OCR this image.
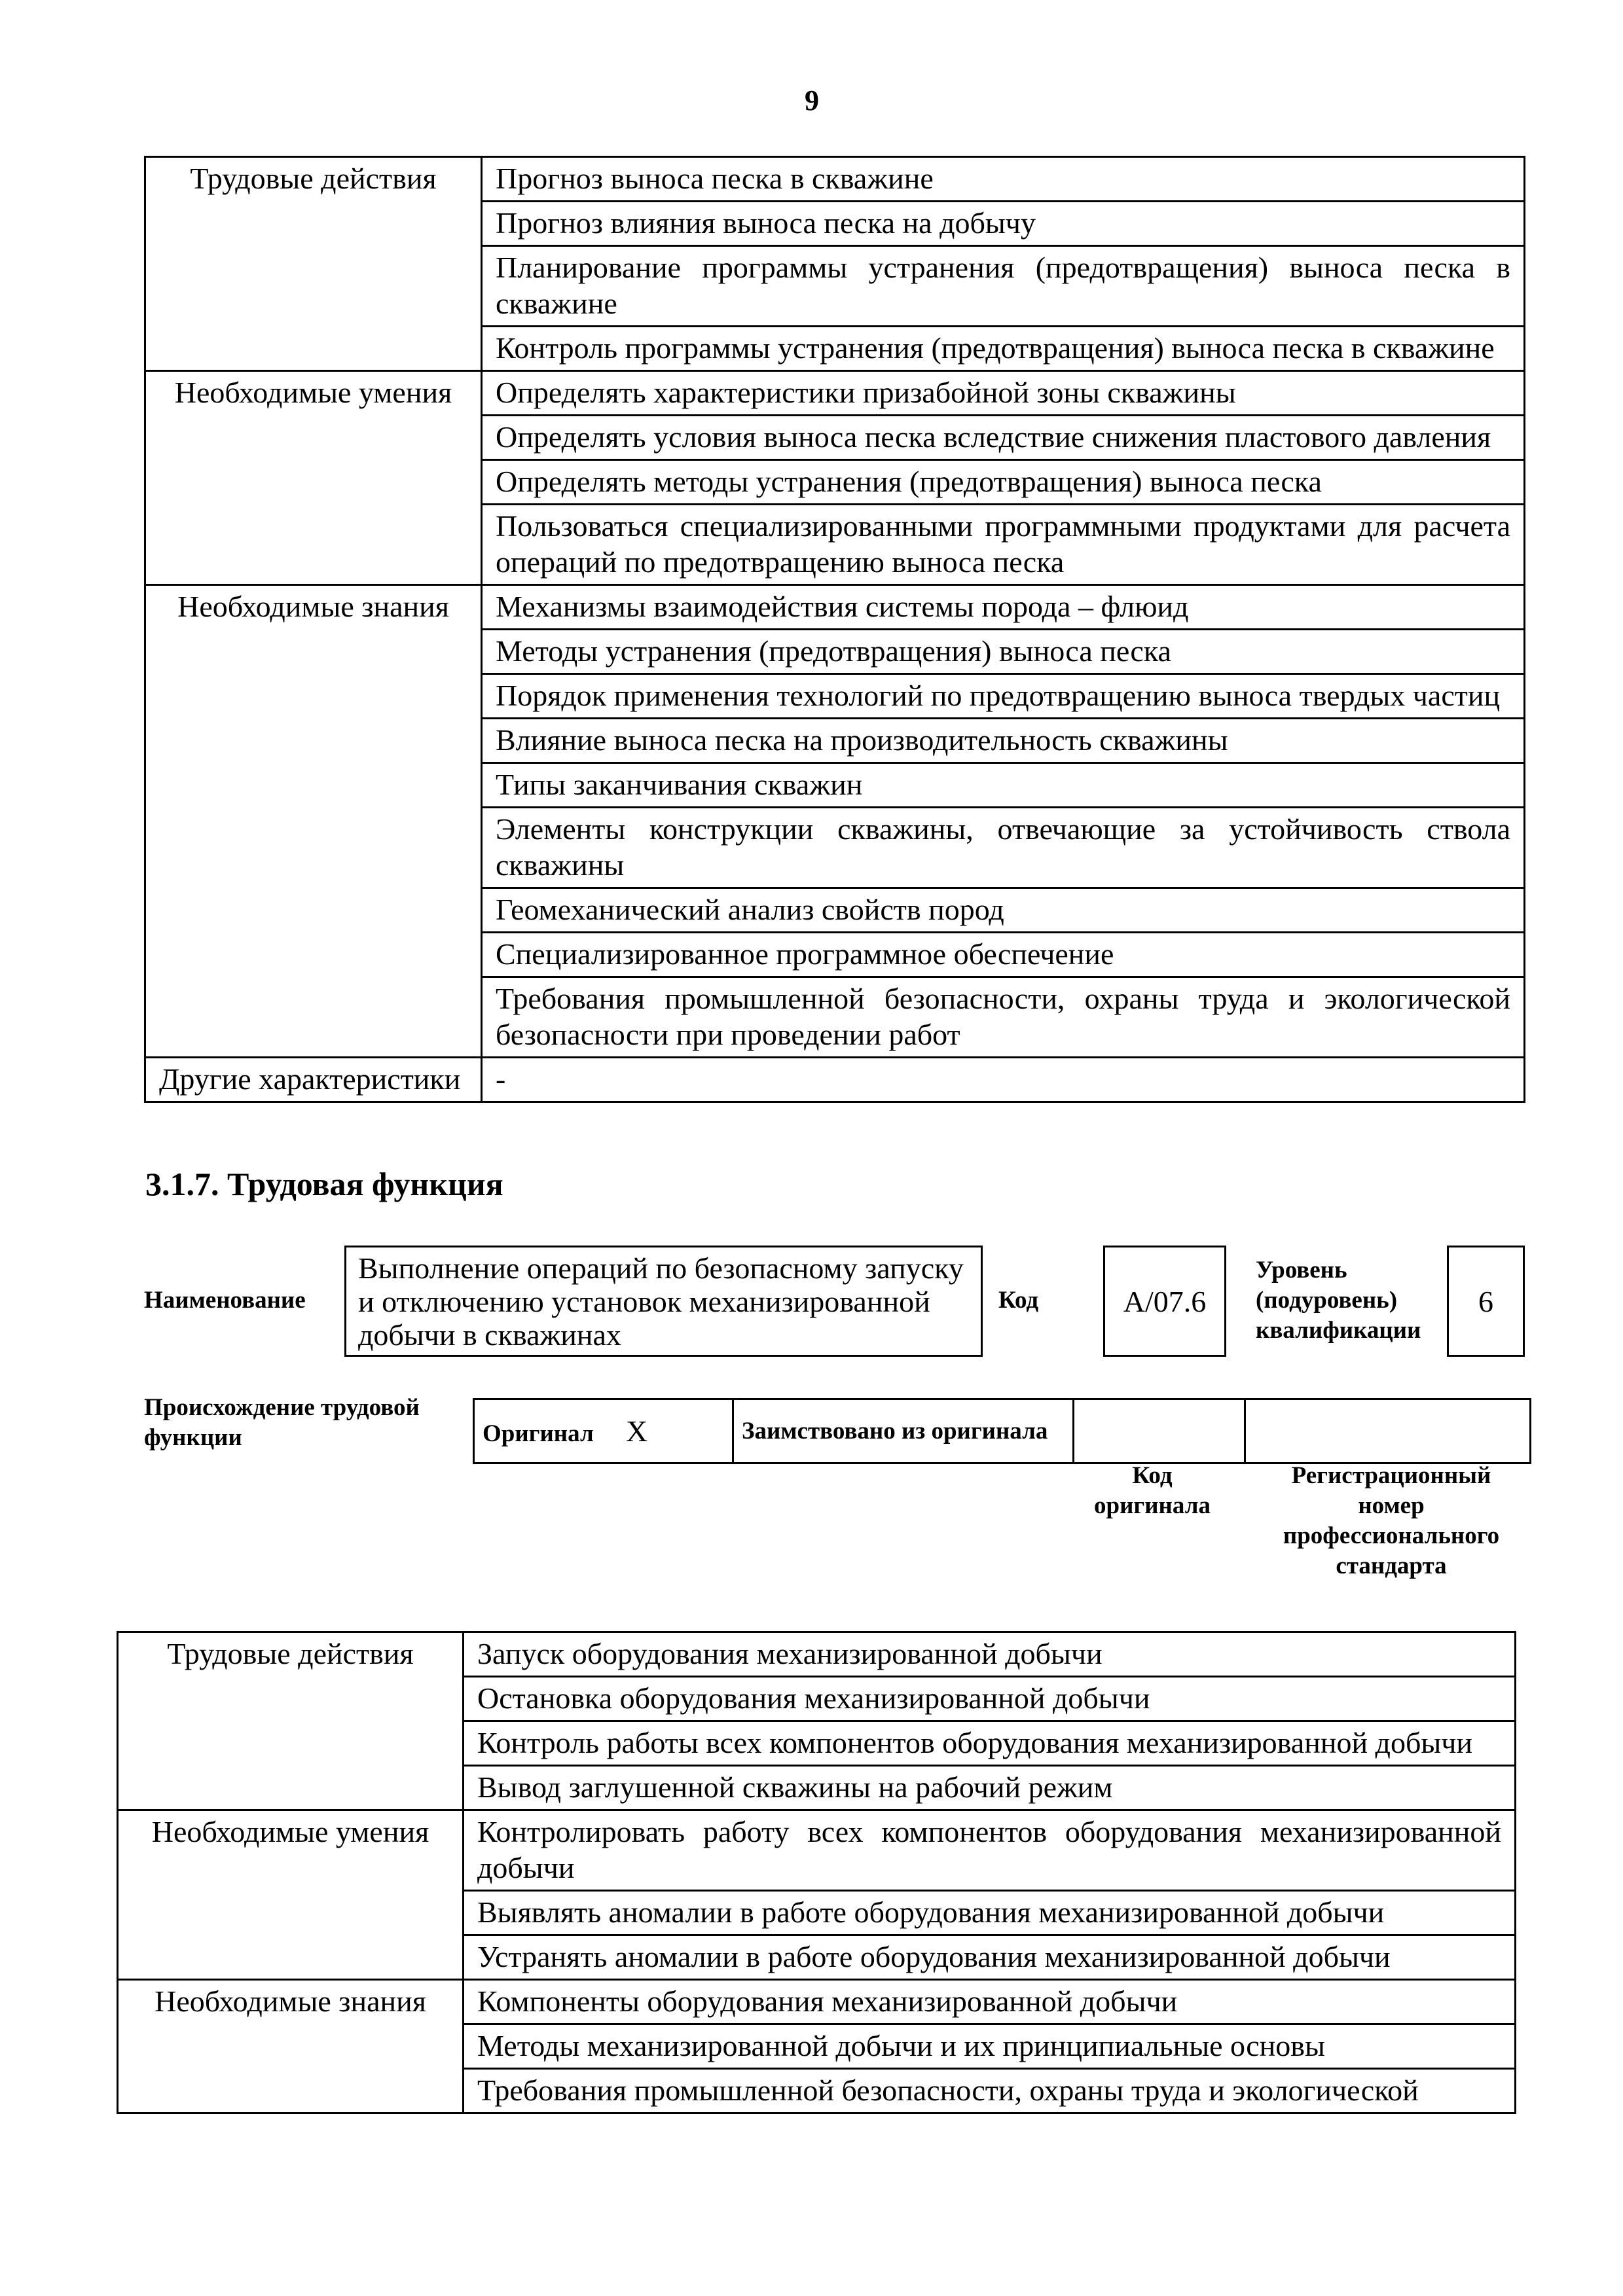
9
Трудовые действия	Прогноз выноса песка в скважине
	Прогноз влияния выноса песка на добычу
	Планирование программы устранения (предотвращения) выноса песка в скважине
	Контроль программы устранения (предотвращения) выноса песка в скважине
Необходимые умения	Определять характеристики призабойной зоны скважины
	Определять условия выноса песка вследствие снижения пластового давления
	Определять методы устранения (предотвращения) выноса песка
	Пользоваться специализированными программными продуктами для расчета операций по предотвращению выноса песка
Необходимые знания	Механизмы взаимодействия системы порода – флюид
	Методы устранения (предотвращения) выноса песка
	Порядок применения технологий по предотвращению выноса твердых частиц
	Влияние выноса песка на производительность скважины
	Типы заканчивания скважин
	Элементы конструкции скважины, отвечающие за устойчивость ствола скважины
	Геомеханический анализ свойств пород
	Специализированное программное обеспечение
	Требования промышленной безопасности, охраны труда и экологической безопасности при проведении работ
Другие характеристики	-
3.1.7. Трудовая функция
Наименование
Выполнение операций по безопасному запуску и отключению установок механизированной добычи в скважинах
Код	А/07.6
Уровень (подуровень) квалификации
6
Происхождение трудовой функции	Оригинал X	Заимствовано из оригинала		
Код оригинала
Регистрационный номер профессионального стандарта
Трудовые действия	Запуск оборудования механизированной добычи
	Остановка оборудования механизированной добычи
	Контроль работы всех компонентов оборудования механизированной добычи
	Вывод заглушенной скважины на рабочий режим
Необходимые умения	Контролировать работу всех компонентов оборудования механизированной добычи
	Выявлять аномалии в работе оборудования механизированной добычи
	Устранять аномалии в работе оборудования механизированной добычи
Необходимые знания	Компоненты оборудования механизированной добычи
	Методы механизированной добычи и их принципиальные основы
	Требования промышленной безопасности, охраны труда и экологической
